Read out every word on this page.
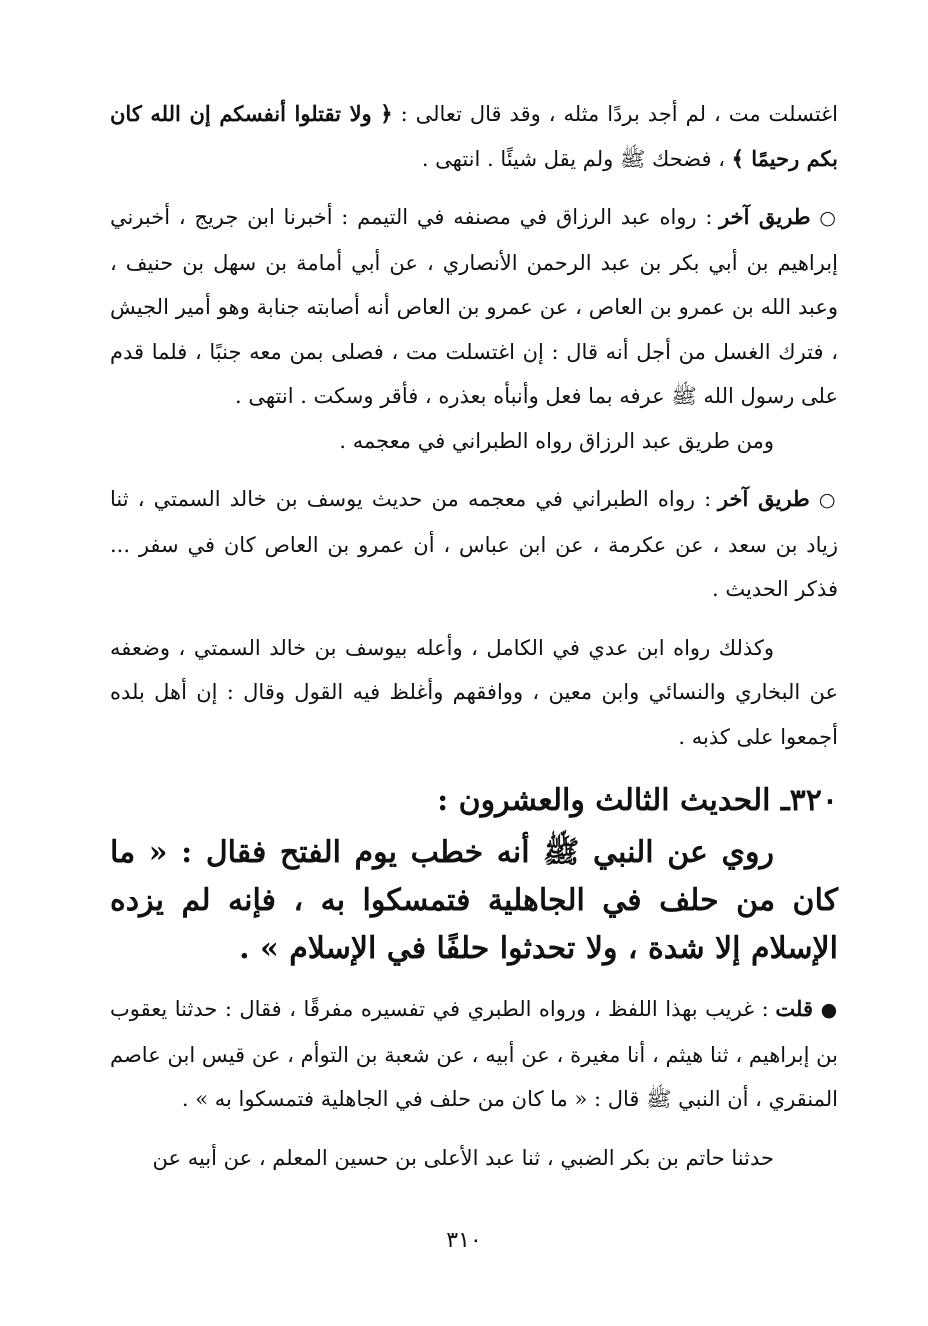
اغتسلت مت ، لم أجد بردًا مثله ، وقد قال تعالى : ﴿ ولا تقتلوا أنفسكم إن الله كان بكم رحيمًا ﴾ ، فضحك ﷺ ولم يقل شيئًا . انتهى .

○ طريق آخر : رواه عبد الرزاق في مصنفه في التيمم : أخبرنا ابن جريج ، أخبرني إبراهيم بن أبي بكر بن عبد الرحمن الأنصاري ، عن أبي أمامة بن سهل بن حنيف ، وعبد الله بن عمرو بن العاص ، عن عمرو بن العاص أنه أصابته جنابة وهو أمير الجيش ، فترك الغسل من أجل أنه قال : إن اغتسلت مت ، فصلى بمن معه جنبًا ، فلما قدم على رسول الله ﷺ عرفه بما فعل وأنبأه بعذره ، فأقر وسكت . انتهى .

ومن طريق عبد الرزاق رواه الطبراني في معجمه .

○ طريق آخر : رواه الطبراني في معجمه من حديث يوسف بن خالد السمتي ، ثنا زياد بن سعد ، عن عكرمة ، عن ابن عباس ، أن عمرو بن العاص كان في سفر ... فذكر الحديث .

وكذلك رواه ابن عدي في الكامل ، وأعله بيوسف بن خالد السمتي ، وضعفه عن البخاري والنسائي وابن معين ، ووافقهم وأغلظ فيه القول وقال : إن أهل بلده أجمعوا على كذبه .

٣٢٠ـ الحديث الثالث والعشرون :

روي عن النبي ﷺ أنه خطب يوم الفتح فقال : « ما كان من حلف في الجاهلية فتمسكوا به ، فإنه لم يزده الإسلام إلا شدة ، ولا تحدثوا حلفًا في الإسلام » .

● قلت : غريب بهذا اللفظ ، ورواه الطبري في تفسيره مفرقًا ، فقال : حدثنا يعقوب بن إبراهيم ، ثنا هيثم ، أنا مغيرة ، عن أبيه ، عن شعبة بن التوأم ، عن قيس ابن عاصم المنقري ، أن النبي ﷺ قال : « ما كان من حلف في الجاهلية فتمسكوا به » .

حدثنا حاتم بن بكر الضبي ، ثنا عبد الأعلى بن حسين المعلم ، عن أبيه عن

٣١٠
